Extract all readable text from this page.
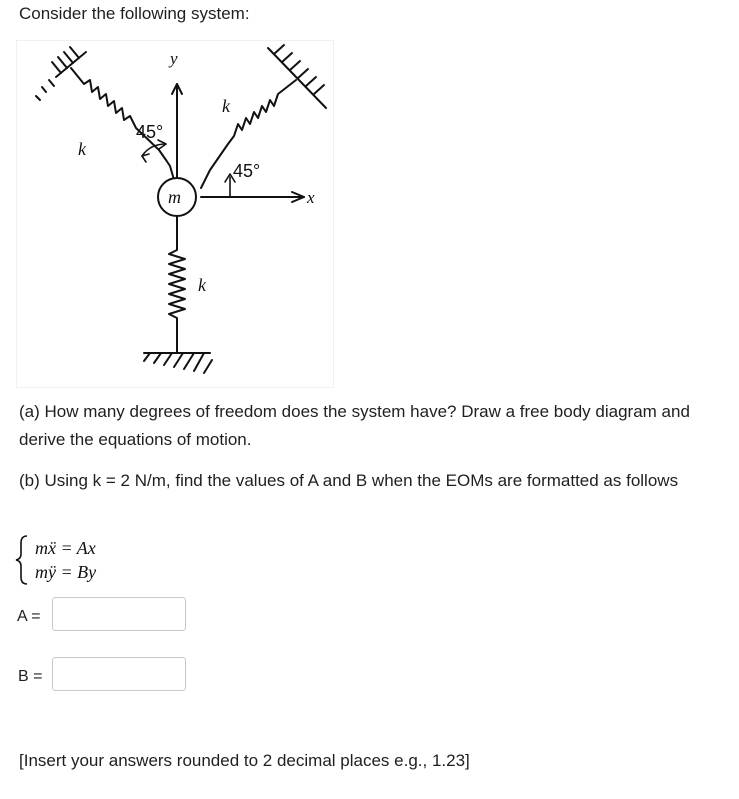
Consider the following system:
y
k
k
45°
45°
m	x
k
(a) How many degrees of freedom does the system have? Draw a free body diagram and derive the equations of motion.
(b) Using k = 2 N/m, find the values of A and B when the EOMs are formatted as follows
mẍ = Ax
mÿ = By
A =
B =
[Insert your answers rounded to 2 decimal places e.g., 1.23]
